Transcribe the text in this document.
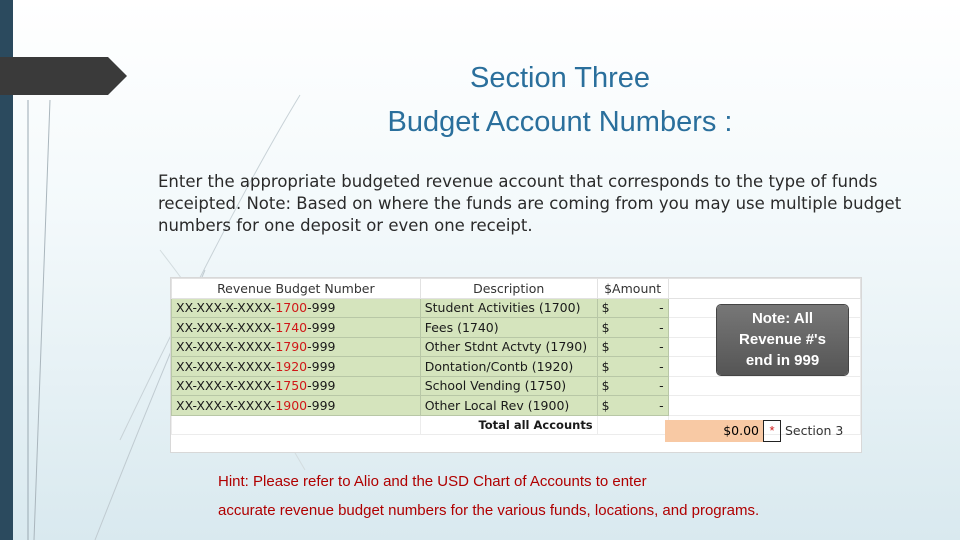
Section Three
Budget Account Numbers :
Enter the appropriate budgeted revenue account that corresponds to the type of funds receipted. Note: Based on where the funds are coming from you may use multiple budget numbers for one deposit or even one receipt.
Revenue Budget Number	Description	$Amount	
XX-XXX-X-XXXX-1700-999	Student Activities (1700)	$ -	

XX-XXX-X-XXXX-1740-999	Fees (1740)	$ -	

XX-XXX-X-XXXX-1790-999	Other Stdnt Actvty (1790)	$ -	

XX-XXX-X-XXXX-1920-999	Dontation/Contb (1920)	$ -	

XX-XXX-X-XXXX-1750-999	School Vending (1750)	$ -	

XX-XXX-X-XXXX-1900-999	Other Local Rev (1900)	$ -	

	Total all Accounts			$0.00 * Section 3
Note: All
Revenue #'s
end in 999
Hint: Please refer to Alio and the USD Chart of Accounts to enter
accurate revenue budget numbers for the various funds, locations, and programs.
